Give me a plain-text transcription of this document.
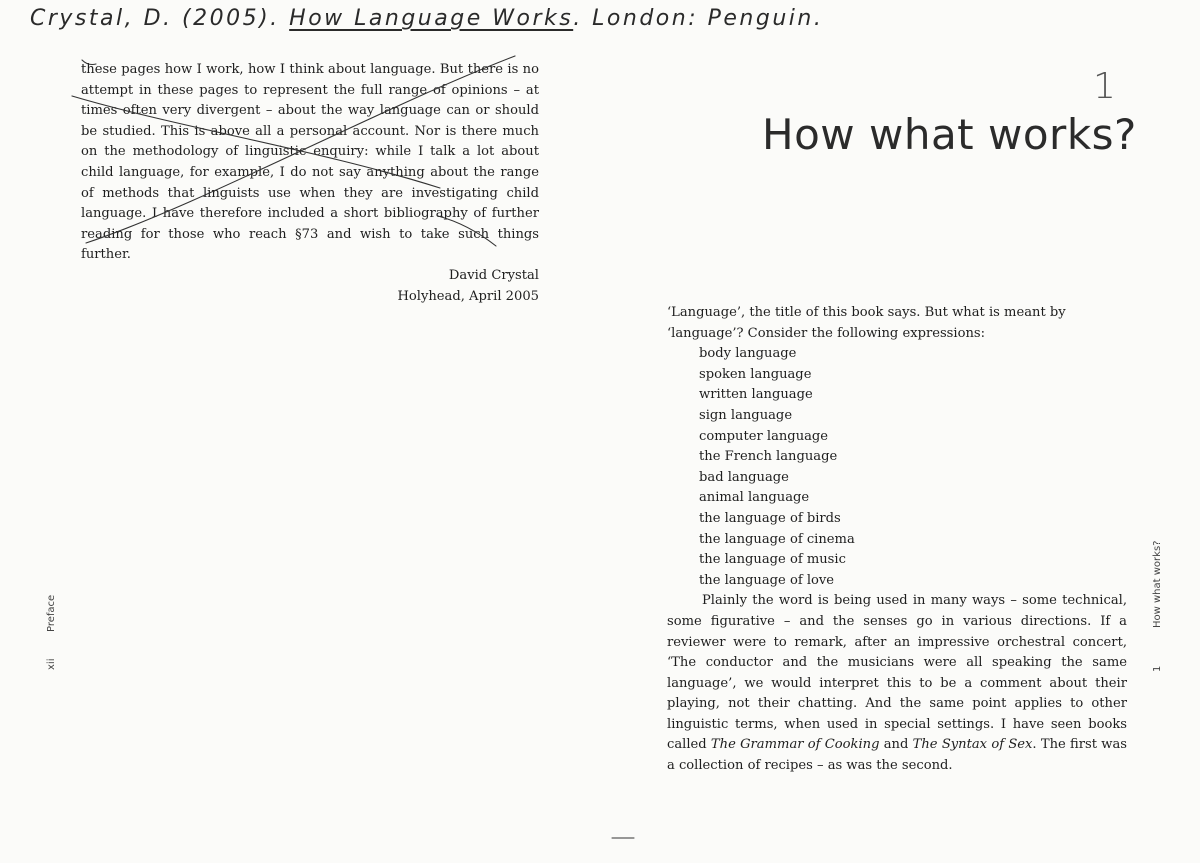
Crystal, D. (2005). How Language Works. London: Penguin.

these pages how I work, how I think about language. But there is no attempt in these pages to represent the full range of opinions – at times often very divergent – about the way language can or should be studied. This is above all a personal account. Nor is there much on the methodology of linguistic enquiry: while I talk a lot about child language, for example, I do not say anything about the range of methods that linguists use when they are investigating child language. I have therefore included a short bibliography of further reading for those who reach §73 and wish to take such things further.

David Crystal
Holyhead, April 2005
xii
Preface
1
How what works?

‘Language’, the title of this book says. But what is meant by ‘language’? Consider the following expressions:

body language
spoken language
written language
sign language
computer language
the French language
bad language
animal language
the language of birds
the language of cinema
the language of music
the language of love

Plainly the word is being used in many ways – some technical, some figurative – and the senses go in various directions. If a reviewer were to remark, after an impressive orchestral concert, ‘The conductor and the musicians were all speaking the same language’, we would interpret this to be a comment about their playing, not their chatting. And the same point applies to other linguistic terms, when used in special settings. I have seen books called The Grammar of Cooking and The Syntax of Sex. The first was a collection of recipes – as was the second.

How what works?
1
